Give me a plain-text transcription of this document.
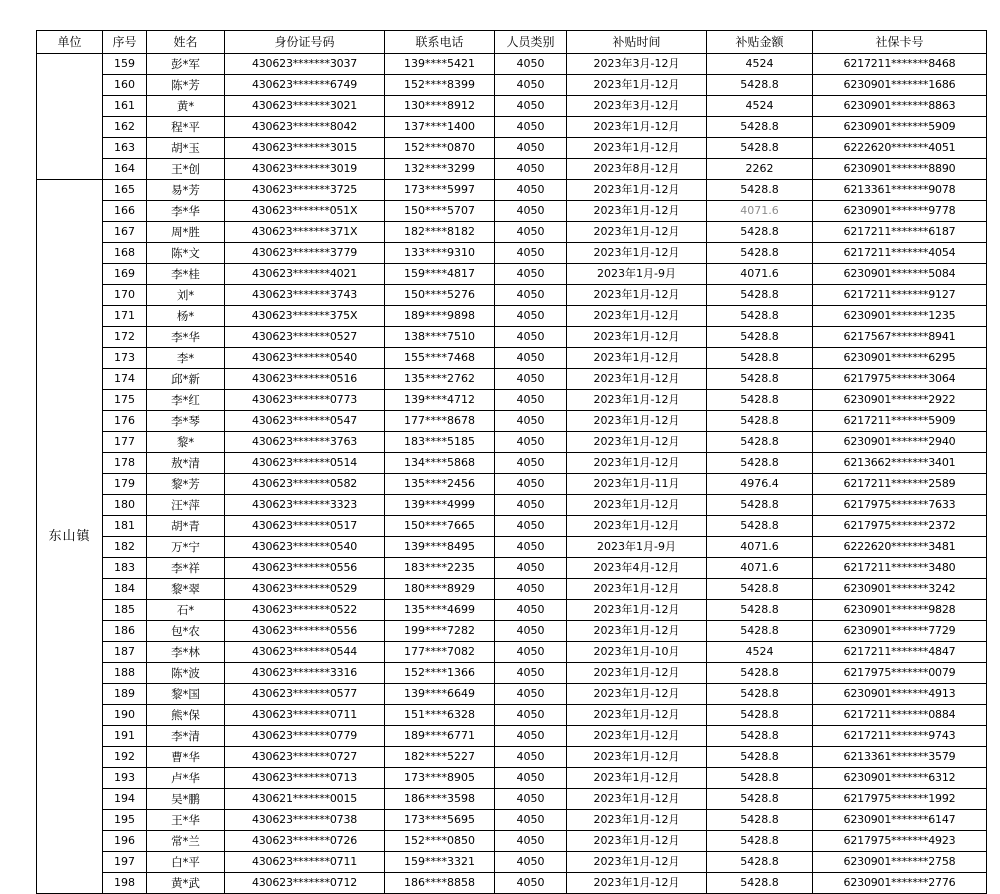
单位	序号	姓名	身份证号码	联系电话	人员类别	补贴时间	补贴金额	社保卡号
	159	彭*军	430623*******3037	139****5421	4050	2023年3月-12月	4524	6217211*******8468
	160	陈*芳	430623*******6749	152****8399	4050	2023年1月-12月	5428.8	6230901*******1686
	161	黄*	430623*******3021	130****8912	4050	2023年3月-12月	4524	6230901*******8863
	162	程*平	430623*******8042	137****1400	4050	2023年1月-12月	5428.8	6230901*******5909
	163	胡*玉	430623*******3015	152****0870	4050	2023年1月-12月	5428.8	6222620*******4051
	164	王*创	430623*******3019	132****3299	4050	2023年8月-12月	2262	6230901*******8890
东山镇	165	易*芳	430623*******3725	173****5997	4050	2023年1月-12月	5428.8	6213361*******9078
	166	李*华	430623*******051X	150****5707	4050	2023年1月-12月	4071.6	6230901*******9778
	167	周*胜	430623*******371X	182****8182	4050	2023年1月-12月	5428.8	6217211*******6187
	168	陈*文	430623*******3779	133****9310	4050	2023年1月-12月	5428.8	6217211*******4054
	169	李*桂	430623*******4021	159****4817	4050	2023年1月-9月	4071.6	6230901*******5084
	170	刘*	430623*******3743	150****5276	4050	2023年1月-12月	5428.8	6217211*******9127
	171	杨*	430623*******375X	189****9898	4050	2023年1月-12月	5428.8	6230901*******1235
	172	李*华	430623*******0527	138****7510	4050	2023年1月-12月	5428.8	6217567*******8941
	173	李*	430623*******0540	155****7468	4050	2023年1月-12月	5428.8	6230901*******6295
	174	邱*新	430623*******0516	135****2762	4050	2023年1月-12月	5428.8	6217975*******3064
	175	李*红	430623*******0773	139****4712	4050	2023年1月-12月	5428.8	6230901*******2922
	176	李*琴	430623*******0547	177****8678	4050	2023年1月-12月	5428.8	6217211*******5909
	177	黎*	430623*******3763	183****5185	4050	2023年1月-12月	5428.8	6230901*******2940
	178	敖*清	430623*******0514	134****5868	4050	2023年1月-12月	5428.8	6213662*******3401
	179	黎*芳	430623*******0582	135****2456	4050	2023年1月-11月	4976.4	6217211*******2589
	180	汪*萍	430623*******3323	139****4999	4050	2023年1月-12月	5428.8	6217975*******7633
	181	胡*青	430623*******0517	150****7665	4050	2023年1月-12月	5428.8	6217975*******2372
	182	万*宁	430623*******0540	139****8495	4050	2023年1月-9月	4071.6	6222620*******3481
	183	李*祥	430623*******0556	183****2235	4050	2023年4月-12月	4071.6	6217211*******3480
	184	黎*翠	430623*******0529	180****8929	4050	2023年1月-12月	5428.8	6230901*******3242
	185	石*	430623*******0522	135****4699	4050	2023年1月-12月	5428.8	6230901*******9828
	186	包*农	430623*******0556	199****7282	4050	2023年1月-12月	5428.8	6230901*******7729
	187	李*林	430623*******0544	177****7082	4050	2023年1月-10月	4524	6217211*******4847
	188	陈*波	430623*******3316	152****1366	4050	2023年1月-12月	5428.8	6217975*******0079
	189	黎*国	430623*******0577	139****6649	4050	2023年1月-12月	5428.8	6230901*******4913
	190	熊*保	430623*******0711	151****6328	4050	2023年1月-12月	5428.8	6217211*******0884
	191	李*清	430623*******0779	189****6771	4050	2023年1月-12月	5428.8	6217211*******9743
	192	曹*华	430623*******0727	182****5227	4050	2023年1月-12月	5428.8	6213361*******3579
	193	卢*华	430623*******0713	173****8905	4050	2023年1月-12月	5428.8	6230901*******6312
	194	吴*鹏	430621*******0015	186****3598	4050	2023年1月-12月	5428.8	6217975*******1992
	195	王*华	430623*******0738	173****5695	4050	2023年1月-12月	5428.8	6230901*******6147
	196	常*兰	430623*******0726	152****0850	4050	2023年1月-12月	5428.8	6217975*******4923
	197	白*平	430623*******0711	159****3321	4050	2023年1月-12月	5428.8	6230901*******2758
	198	黄*武	430623*******0712	186****8858	4050	2023年1月-12月	5428.8	6230901*******2776
